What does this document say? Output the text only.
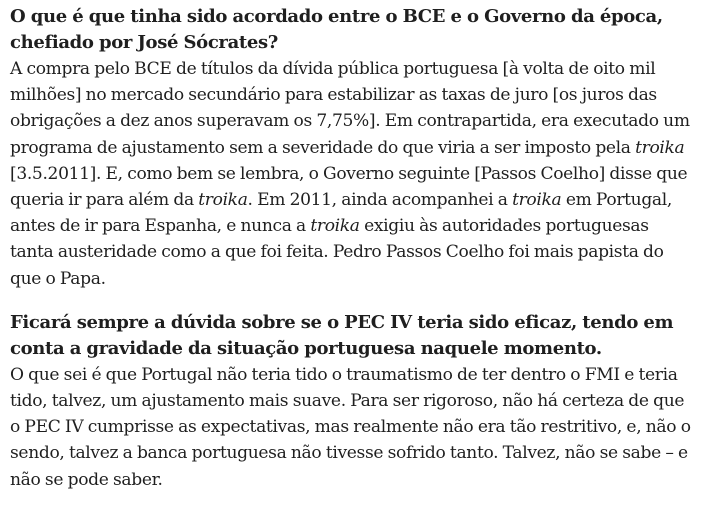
O que é que tinha sido acordado entre o BCE e o Governo da época, chefiado por José Sócrates?

A compra pelo BCE de títulos da dívida pública portuguesa [à volta de oito mil milhões] no mercado secundário para estabilizar as taxas de juro [os juros das obrigações a dez anos superavam os 7,75%]. Em contrapartida, era executado um programa de ajustamento sem a severidade do que viria a ser imposto pela troika [3.5.2011]. E, como bem se lembra, o Governo seguinte [Passos Coelho] disse que queria ir para além da troika. Em 2011, ainda acompanhei a troika em Portugal, antes de ir para Espanha, e nunca a troika exigiu às autoridades portuguesas tanta austeridade como a que foi feita. Pedro Passos Coelho foi mais papista do que o Papa.

Ficará sempre a dúvida sobre se o PEC IV teria sido eficaz, tendo em conta a gravidade da situação portuguesa naquele momento.

O que sei é que Portugal não teria tido o traumatismo de ter dentro o FMI e teria tido, talvez, um ajustamento mais suave. Para ser rigoroso, não há certeza de que o PEC IV cumprisse as expectativas, mas realmente não era tão restritivo, e, não o sendo, talvez a banca portuguesa não tivesse sofrido tanto. Talvez, não se sabe – e não se pode saber.
